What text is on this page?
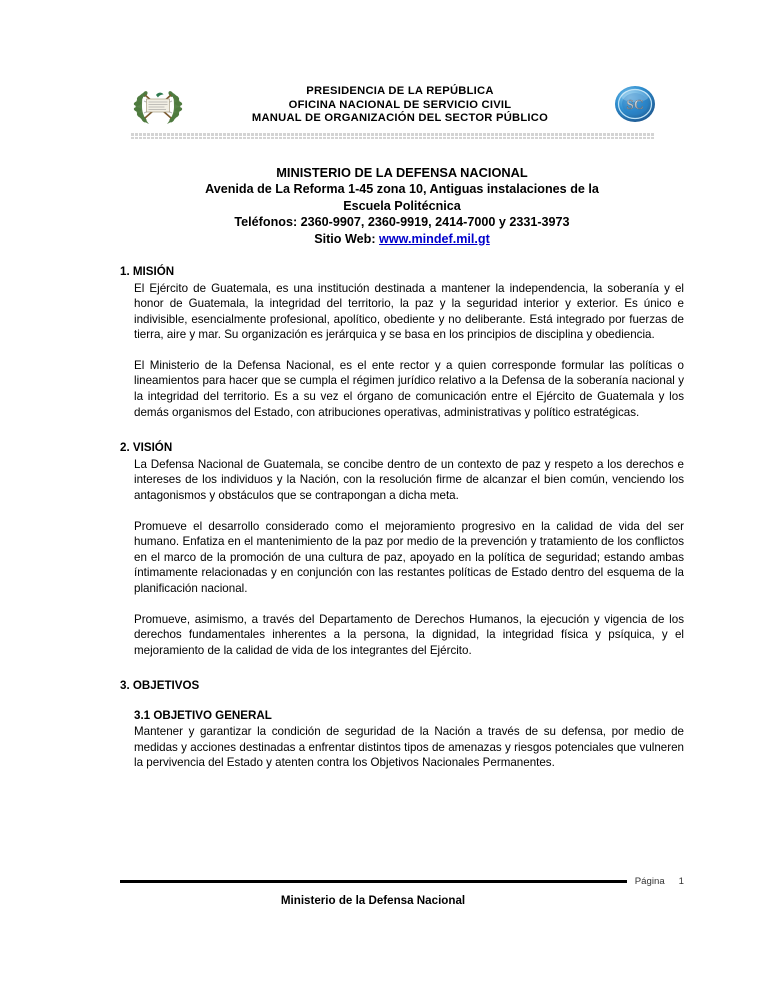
PRESIDENCIA DE LA REPÚBLICA
OFICINA NACIONAL DE SERVICIO CIVIL
MANUAL DE ORGANIZACIÓN DEL SECTOR PÚBLICO
SC
MINISTERIO DE LA DEFENSA NACIONAL
Avenida de La Reforma 1-45 zona 10, Antiguas instalaciones de la
Escuela Politécnica
Teléfonos: 2360-9907, 2360-9919, 2414-7000 y 2331-3973
Sitio Web: www.mindef.mil.gt
1. MISIÓN

El Ejército de Guatemala, es una institución destinada a mantener la independencia, la soberanía y el honor de Guatemala, la integridad del territorio, la paz y la seguridad interior y exterior. Es único e indivisible, esencialmente profesional, apolítico, obediente y no deliberante. Está integrado por fuerzas de tierra, aire y mar. Su organización es jerárquica y se basa en los principios de disciplina y obediencia.

El Ministerio de la Defensa Nacional, es el ente rector y a quien corresponde formular las políticas o lineamientos para hacer que se cumpla el régimen jurídico relativo a la Defensa de la soberanía nacional y la integridad del territorio. Es a su vez el órgano de comunicación entre el Ejército de Guatemala y los demás organismos del Estado, con atribuciones operativas, administrativas y político estratégicas.

2. VISIÓN

La Defensa Nacional de Guatemala, se concibe dentro de un contexto de paz y respeto a los derechos e intereses de los individuos y la Nación, con la resolución firme de alcanzar el bien común, venciendo los antagonismos y obstáculos que se contrapongan a dicha meta.

Promueve el desarrollo considerado como el mejoramiento progresivo en la calidad de vida del ser humano. Enfatiza en el mantenimiento de la paz por medio de la prevención y tratamiento de los conflictos en el marco de la promoción de una cultura de paz, apoyado en la política de seguridad; estando ambas íntimamente relacionadas y en conjunción con las restantes políticas de Estado dentro del esquema de la planificación nacional.

Promueve, asimismo, a través del Departamento de Derechos Humanos, la ejecución y vigencia de los derechos fundamentales inherentes a la persona, la dignidad, la integridad física y psíquica, y el mejoramiento de la calidad de vida de los integrantes del Ejército.

3. OBJETIVOS
3.1 OBJETIVO GENERAL

Mantener y garantizar la condición de seguridad de la Nación a través de su defensa, por medio de medidas y acciones destinadas a enfrentar distintos tipos de amenazas y riesgos potenciales que vulneren la pervivencia del Estado y atenten contra los Objetivos Nacionales Permanentes.

Página 1
Ministerio de la Defensa Nacional
